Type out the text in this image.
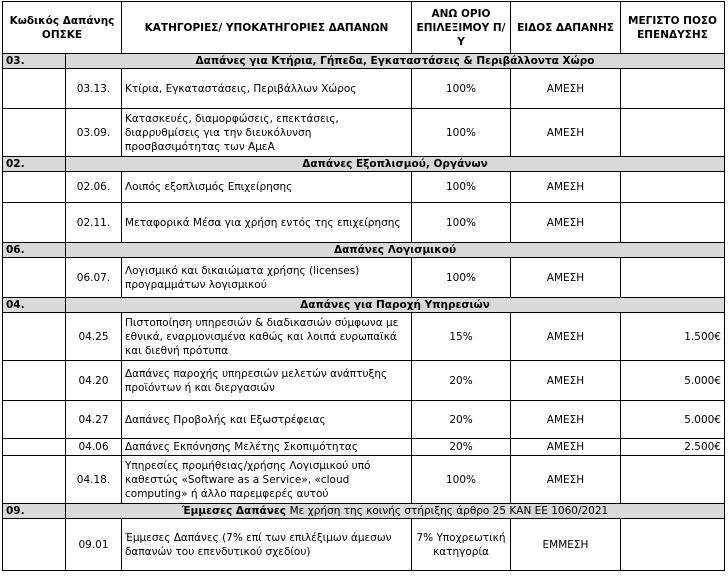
Κωδικός Δαπάνης ΟΠΣΚΕ		ΚΑΤΗΓΟΡΙΕΣ/ ΥΠΟΚΑΤΗΓΟΡΙΕΣ ΔΑΠΑΝΩΝ	ΑΝΩ ΟΡΙΟ ΕΠΙΛΕΞΙΜΟΥ Π/Υ	ΕΙΔΟΣ ΔΑΠΑΝΗΣ	ΜΕΓΙΣΤΟ ΠΟΣΟ ΕΠΕΝΔΥΣΗΣ
03.	Δαπάνες για Κτήρια, Γήπεδα, Εγκαταστάσεις & Περιβάλλοντα Χώρο				
	03.13.	Κτίρια, Εγκαταστάσεις, Περιβάλλων Χώρος	100%	ΑΜΕΣΗ	
	03.09.	Κατασκευές, διαμορφώσεις, επεκτάσεις, διαρρυθμίσεις για την διευκόλυνση προσβασιμότητας των ΑμεΑ	100%	ΑΜΕΣΗ	
02.	Δαπάνες Εξοπλισμού, Οργάνων				
	02.06.	Λοιπός εξοπλισμός Επιχείρησης	100%	ΑΜΕΣΗ	
	02.11.	Μεταφορικά Μέσα για χρήση εντός της επιχείρησης	100%	ΑΜΕΣΗ	
06.	Δαπάνες Λογισμικού				
	06.07.	Λογισμικό και δικαιώματα χρήσης (licenses) προγραμμάτων λογισμικού	100%	ΑΜΕΣΗ	
04.	Δαπάνες για Παροχή Υπηρεσιών				
	04.25	Πιστοποίηση υπηρεσιών & διαδικασιών σύμφωνα με εθνικά, εναρμονισμένα καθώς και λοιπά ευρωπαϊκά και διεθνή πρότυπα	15%	ΑΜΕΣΗ	1.500€
	04.20	Δαπάνες παροχής υπηρεσιών μελετών ανάπτυξης προϊόντων ή και διεργασιών	20%	ΑΜΕΣΗ	5.000€
	04.27	Δαπάνες Προβολής και Εξωστρέφειας	20%	ΑΜΕΣΗ	5.000€
	04.06	Δαπάνες Εκπόνησης Μελέτης Σκοπιμότητας	20%	ΑΜΕΣΗ	2.500€
	04.18.	Υπηρεσίες προμήθειας/χρήσης Λογισμικού υπό καθεστώς «Software as a Service», «cloud computing» ή άλλο παρεμφερές αυτού	100%	ΑΜΕΣΗ	
09.	Έμμεσες Δαπάνες Με χρήση της κοινής στήριξης άρθρο 25 ΚΑΝ ΕΕ 1060/2021				
	09.01	Έμμεσες Δαπάνες (7% επί των επιλέξιμων άμεσων δαπανών του επενδυτικού σχεδίου)	7% Υποχρεωτική κατηγορία	ΕΜΜΕΣΗ	
